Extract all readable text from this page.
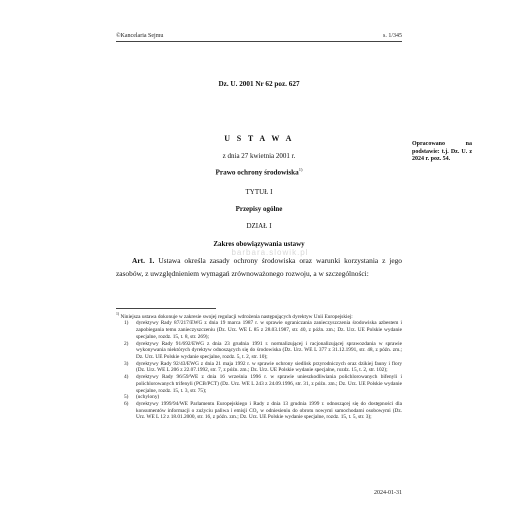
©Kancelaria Sejmu	s. 1/345
Dz. U. 2001 Nr 62 poz. 627
U S T A W A
z dnia 27 kwietnia 2001 r.
Prawo ochrony środowiska$^{1)}$
TYTUŁ I
Przepisy ogólne
DZIAŁ I
Zakres obowiązywania ustawy
barbara.slowik.pl
Art. 1. Ustawa określa zasady ochrony środowiska oraz warunki korzystania z jego zasobów, z uwzględnieniem wymagań zrównoważonego rozwoju, a w szczególności:
Opracowano na podstawie: t.j. Dz. U. z 2024 r. poz. 54.

$^{1)}$ Niniejsza ustawa dokonuje w zakresie swojej regulacji wdrożenia następujących dyrektyw Unii Europejskiej:

1)	dyrektywy Rady 87/217/EWG z dnia 19 marca 1987 r. w sprawie ograniczania zanieczyszczenia środowiska azbestem i zapobiegania temu zanieczyszczeniu (Dz. Urz. WE L 85 z 28.03.1987, str. 40, z późn. zm.; Dz. Urz. UE Polskie wydanie specjalne, rozdz. 15, t. 8, str. 269);
2)	dyrektywy Rady 91/692/EWG z dnia 23 grudnia 1991 r. normalizującej i racjonalizującej sprawozdania w sprawie wykonywania niektórych dyrektyw odnoszących się do środowiska (Dz. Urz. WE L 377 z 31.12.1991, str. 48, z późn. zm.; Dz. Urz. UE Polskie wydanie specjalne, rozdz. 5, t. 2, str. 10);
3)	dyrektywy Rady 92/43/EWG z dnia 21 maja 1992 r. w sprawie ochrony siedlisk przyrodniczych oraz dzikiej fauny i flory (Dz. Urz. WE L 206 z 22.07.1992, str. 7, z późn. zm.; Dz. Urz. UE Polskie wydanie specjalne, rozdz. 15, t. 2, str. 102);
4)	dyrektywy Rady 96/59/WE z dnia 16 września 1996 r. w sprawie unieszkodliwiania polichlorowanych bifenyli i polichlorowanych trifenyli (PCB/PCT) (Dz. Urz. WE L 243 z 24.09.1996, str. 31, z późn. zm.; Dz. Urz. UE Polskie wydanie specjalne, rozdz. 15, t. 3, str. 75);
5)	(uchylony)
6)	dyrektywy 1999/94/WE Parlamentu Europejskiego i Rady z dnia 13 grudnia 1999 r. odnoszącej się do dostępności dla konsumentów informacji o zużyciu paliwa i emisji CO₂ w odniesieniu do obrotu nowymi samochodami osobowymi (Dz. Urz. WE L 12 z 18.01.2000, str. 16, z późn. zm.; Dz. Urz. UE Polskie wydanie specjalne, rozdz. 15, t. 5, str. 3);
2024-01-31
